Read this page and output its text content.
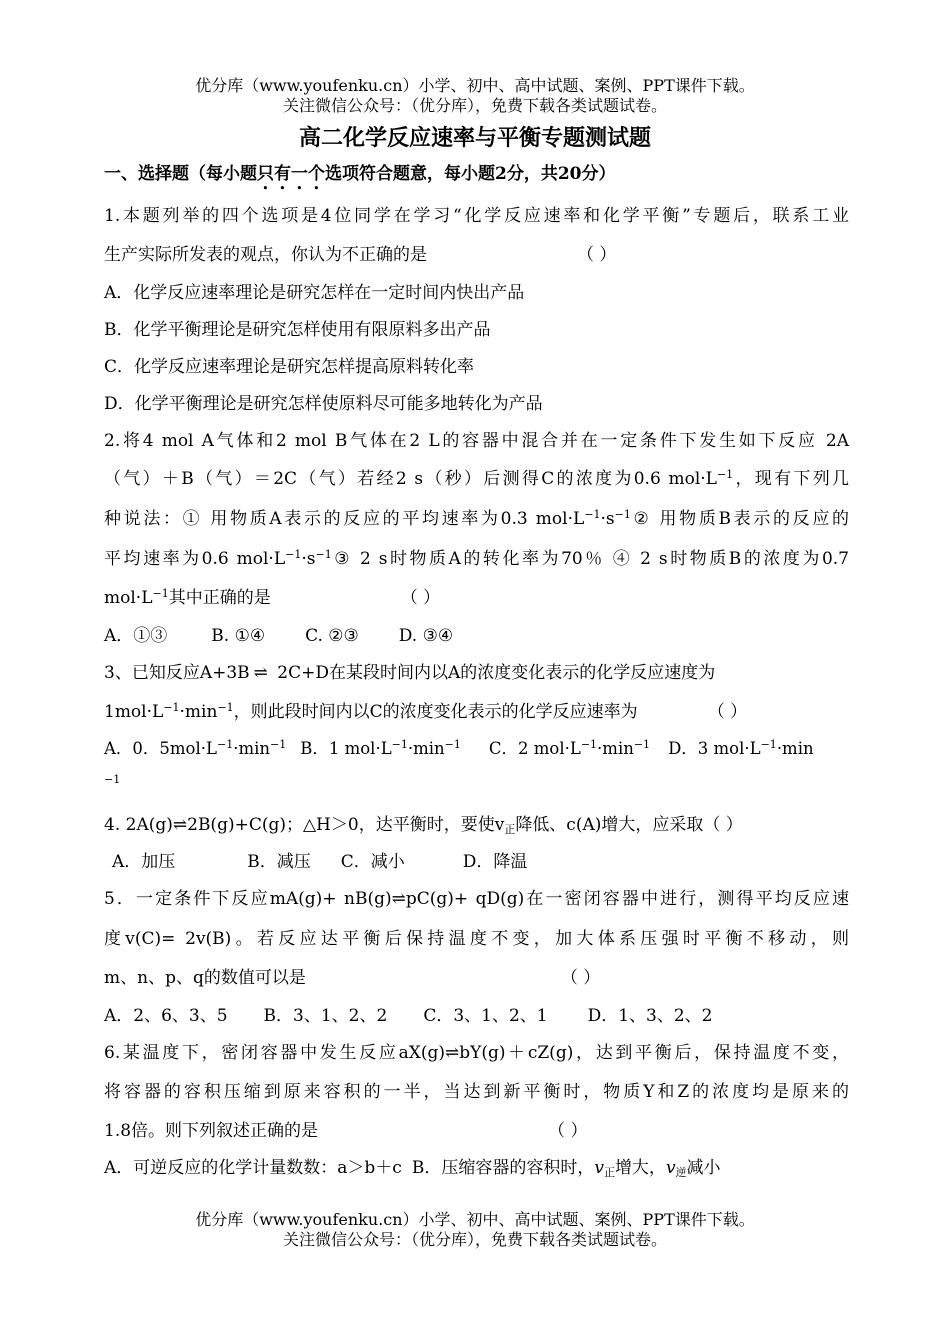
优分库（www.youfenku.cn）小学、初中、高中试题、案例、PPT课件下载。
关注微信公众号：（优分库），免费下载各类试题试卷。
高二化学反应速率与平衡专题测试题
一、选择题（每小题只有一个选项符合题意，每小题2分，共20分）
1.本题列举的四个选项是4位同学在学习“化学反应速率和化学平衡”专题后，联系工业
生产实际所发表的观点，你认为不正确的是	（ ）
A．化学反应速率理论是研究怎样在一定时间内快出产品
B．化学平衡理论是研究怎样使用有限原料多出产品
C．化学反应速率理论是研究怎样提高原料转化率
D．化学平衡理论是研究怎样使原料尽可能多地转化为产品
2.将4 mol A气体和2 mol B气体在2 L的容器中混合并在一定条件下发生如下反应 2A
（气）＋B（气）＝2C（气）若经2 s（秒）后测得C的浓度为0.6 $mol\cdot L^{-1}$，现有下列几
种说法：① 用物质A表示的反应的平均速率为0.3 $mol\cdot L^{-1}\cdot s^{-1}②$ 用物质B表示的反应的
平均速率为0.6 $mol\cdot L^{-1}\cdot s^{-1}③$ 2 s时物质A的转化率为70％ ④ 2 s时物质B的浓度为0.7
$mol\cdot L^{-1}$其中正确的是	（ ）
A．①③	B. ①④ C. ②③ D. ③④
3、已知反应A+3B ⇌ 2C+D在某段时间内以A的浓度变化表示的化学反应速度为
$1mol\cdot L^{-1}\cdot\min^{-1}$，则此段时间内以C的浓度变化表示的化学反应速率为	（ ）
A．0．$5mol\cdot L^{-1}\cdot\min^{-1}$ B．1 $mol\cdot L^{-1}\cdot\min^{-1}$ C．2 $mol\cdot L^{-1}\cdot\min^{-1}$ D．3 $mol\cdot L^{-1}\cdot\min$
−1
4. 2A(g)⇌2B(g)+C(g)；△H＞0，达平衡时，要使$v_正$降低、c(A)增大，应采取（ ）
A．加压	B．减压 C．减小	D．降温
5．一定条件下反应mA(g)+ nB(g)⇌pC(g)+ qD(g)在一密闭容器中进行，测得平均反应速
度v(C)= 2v(B)。若反应达平衡后保持温度不变，加大体系压强时平衡不移动，则
m、n、p、q的数值可以是	（ ）
A．2、6、3、5 B．3、1、2、2 C．3、1、2、1 D．1、3、2、2
6.某温度下，密闭容器中发生反应aX(g)⇌bY(g)＋cZ(g)，达到平衡后，保持温度不变，
将容器的容积压缩到原来容积的一半，当达到新平衡时，物质Y和Z的浓度均是原来的
1.8倍。则下列叙述正确的是	（ ）
A．可逆反应的化学计量数数：a＞b＋c B．压缩容器的容积时，$v_正$增大，$v_逆$减小
优分库（www.youfenku.cn）小学、初中、高中试题、案例、PPT课件下载。
关注微信公众号：（优分库），免费下载各类试题试卷。
